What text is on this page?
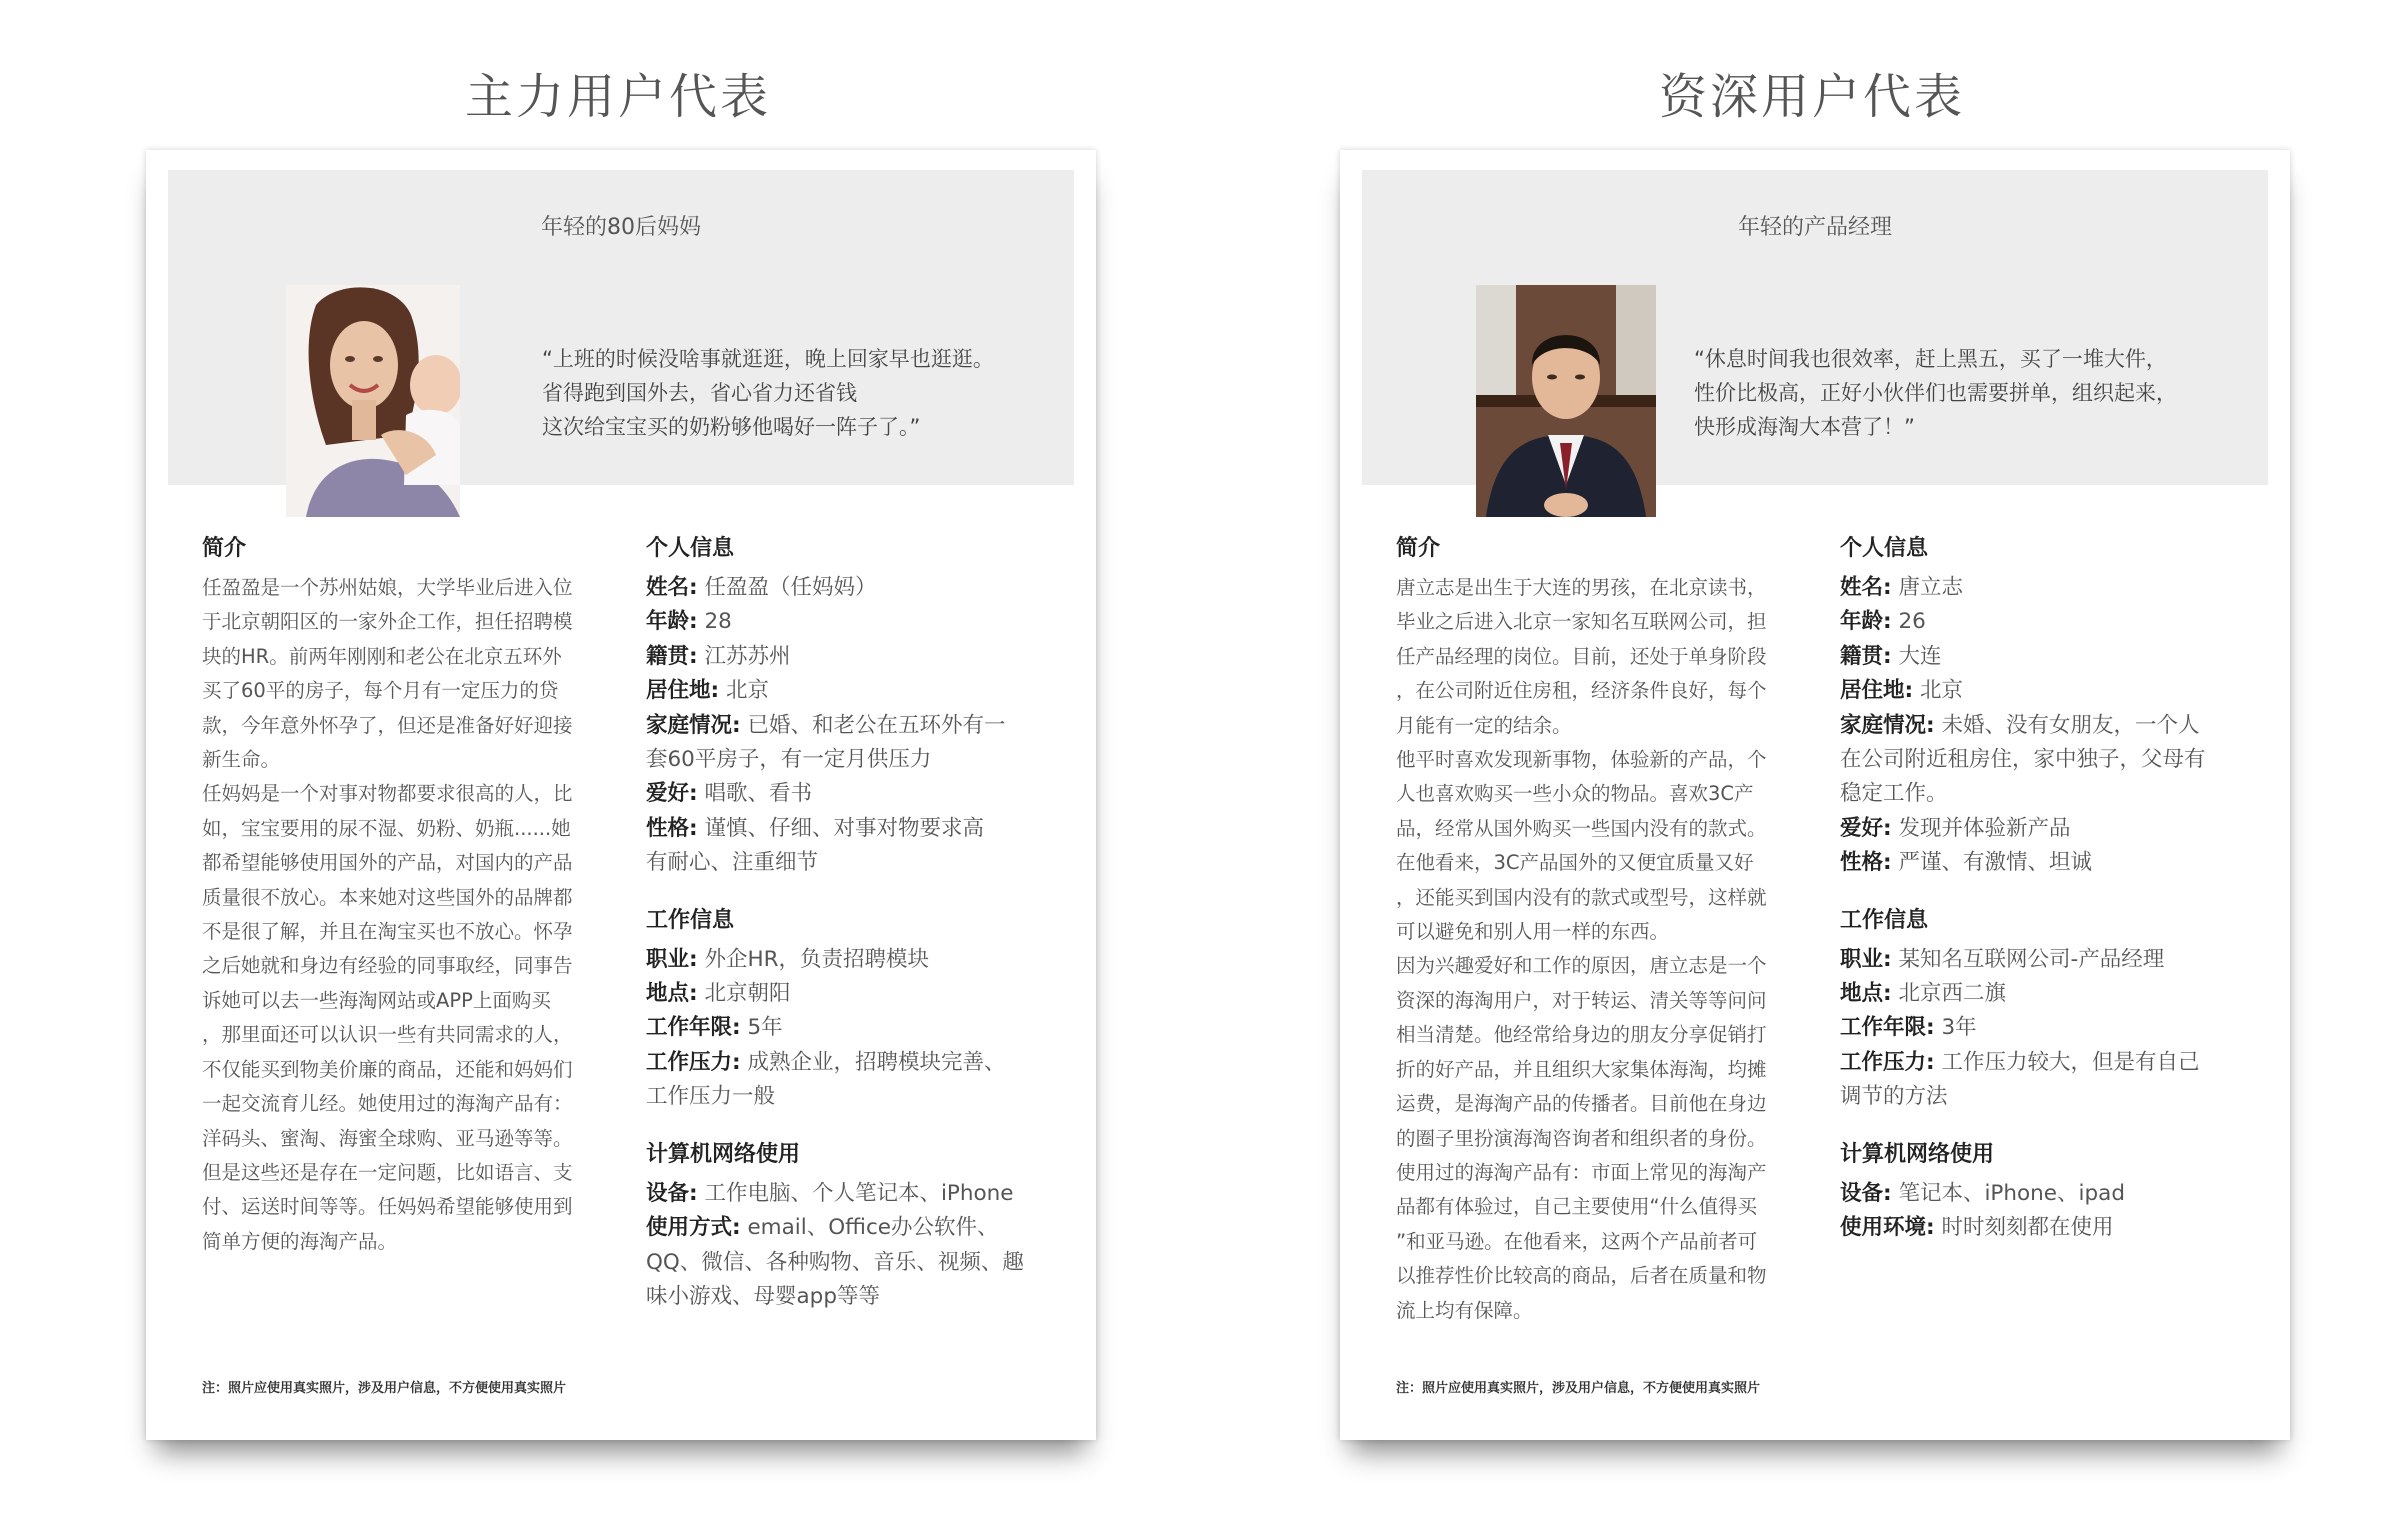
主力用户代表	资深用户代表
年轻的80后妈妈
“上班的时候没啥事就逛逛，晚上回家早也逛逛。
省得跑到国外去，省心省力还省钱
这次给宝宝买的奶粉够他喝好一阵子了。”
简介
任盈盈是一个苏州姑娘，大学毕业后进入位
于北京朝阳区的一家外企工作，担任招聘模
块的HR。前两年刚刚和老公在北京五环外
买了60平的房子，每个月有一定压力的贷
款，今年意外怀孕了，但还是准备好好迎接
新生命。
任妈妈是一个对事对物都要求很高的人，比
如，宝宝要用的尿不湿、奶粉、奶瓶......她
都希望能够使用国外的产品，对国内的产品
质量很不放心。本来她对这些国外的品牌都
不是很了解，并且在淘宝买也不放心。怀孕
之后她就和身边有经验的同事取经，同事告
诉她可以去一些海淘网站或APP上面购买
，那里面还可以认识一些有共同需求的人，
不仅能买到物美价廉的商品，还能和妈妈们
一起交流育儿经。她使用过的海淘产品有：
洋码头、蜜淘、海蜜全球购、亚马逊等等。
但是这些还是存在一定问题，比如语言、支
付、运送时间等等。任妈妈希望能够使用到
简单方便的海淘产品。
个人信息
姓名: 任盈盈（任妈妈）
年龄: 28
籍贯: 江苏苏州
居住地: 北京
家庭情况: 已婚、和老公在五环外有一
套60平房子，有一定月供压力
爱好: 唱歌、看书
性格: 谨慎、仔细、对事对物要求高
有耐心、注重细节
工作信息
职业: 外企HR，负责招聘模块
地点: 北京朝阳
工作年限: 5年
工作压力: 成熟企业，招聘模块完善、
工作压力一般
计算机网络使用
设备: 工作电脑、个人笔记本、iPhone
使用方式: email、Office办公软件、
QQ、微信、各种购物、音乐、视频、趣
味小游戏、母婴app等等
注：照片应使用真实照片，涉及用户信息，不方便使用真实照片
年轻的产品经理
“休息时间我也很效率，赶上黑五，买了一堆大件，
性价比极高，正好小伙伴们也需要拼单，组织起来，
快形成海淘大本营了！”
简介
唐立志是出生于大连的男孩，在北京读书，
毕业之后进入北京一家知名互联网公司，担
任产品经理的岗位。目前，还处于单身阶段
，在公司附近住房租，经济条件良好，每个
月能有一定的结余。
他平时喜欢发现新事物，体验新的产品，个
人也喜欢购买一些小众的物品。喜欢3C产
品，经常从国外购买一些国内没有的款式。
在他看来，3C产品国外的又便宜质量又好
，还能买到国内没有的款式或型号，这样就
可以避免和别人用一样的东西。
因为兴趣爱好和工作的原因，唐立志是一个
资深的海淘用户，对于转运、清关等等问问
相当清楚。他经常给身边的朋友分享促销打
折的好产品，并且组织大家集体海淘，均摊
运费，是海淘产品的传播者。目前他在身边
的圈子里扮演海淘咨询者和组织者的身份。
使用过的海淘产品有：市面上常见的海淘产
品都有体验过，自己主要使用“什么值得买
”和亚马逊。在他看来，这两个产品前者可
以推荐性价比较高的商品，后者在质量和物
流上均有保障。
个人信息
姓名: 唐立志
年龄: 26
籍贯: 大连
居住地: 北京
家庭情况: 未婚、没有女朋友，一个人
在公司附近租房住，家中独子，父母有
稳定工作。
爱好: 发现并体验新产品
性格: 严谨、有激情、坦诚
工作信息
职业: 某知名互联网公司-产品经理
地点: 北京西二旗
工作年限: 3年
工作压力: 工作压力较大，但是有自己
调节的方法
计算机网络使用
设备: 笔记本、iPhone、ipad
使用环境: 时时刻刻都在使用
注：照片应使用真实照片，涉及用户信息，不方便使用真实照片
